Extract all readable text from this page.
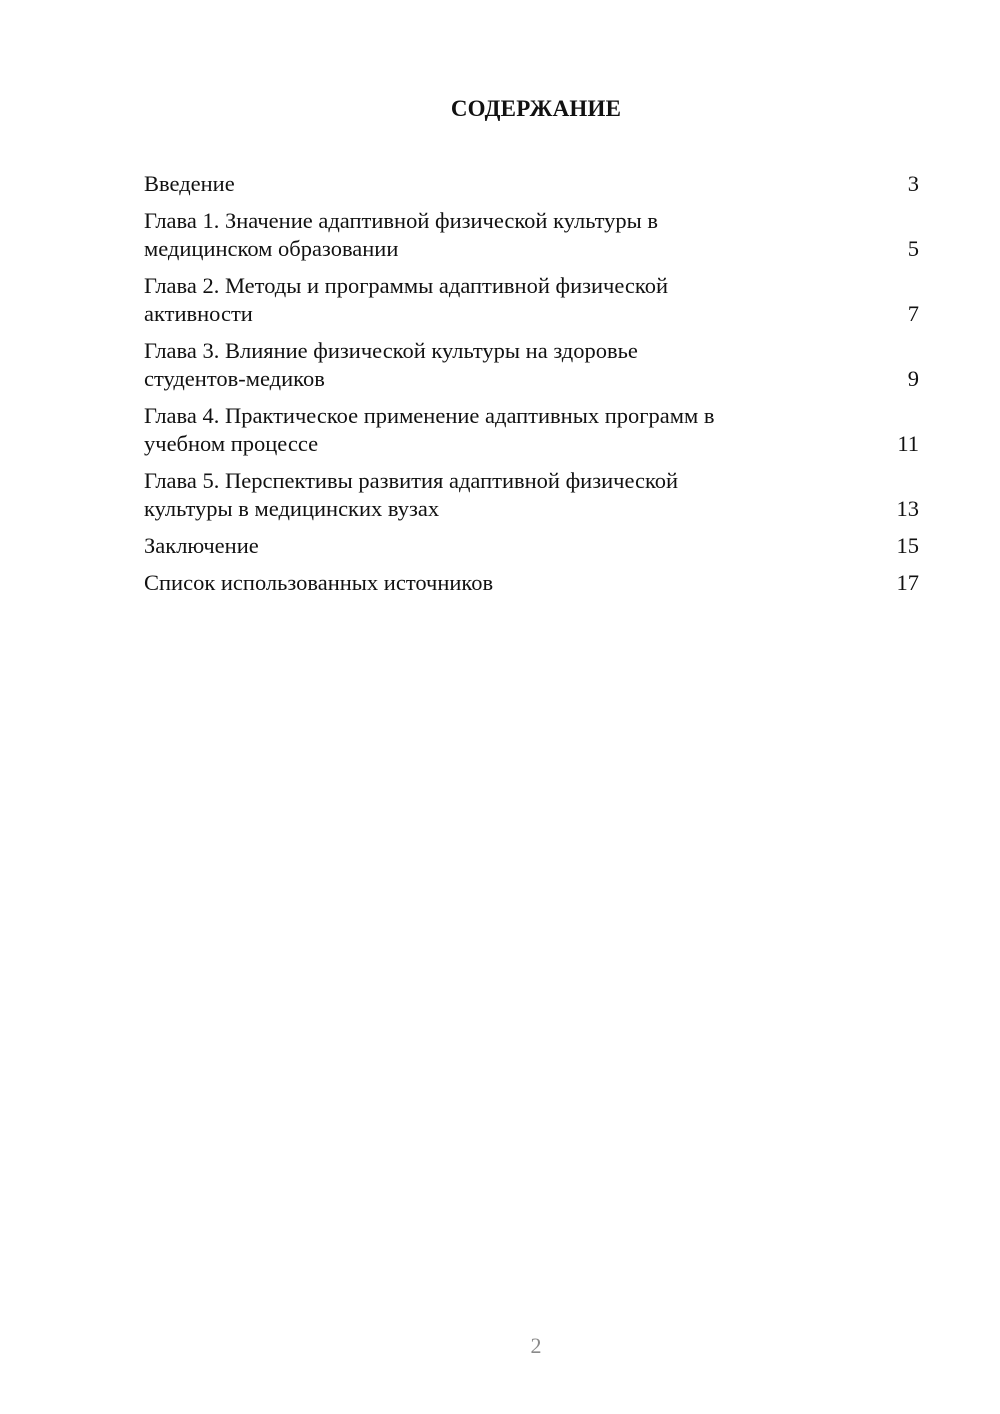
СОДЕРЖАНИЕ
Введение	3
Глава 1. Значение адаптивной физической культуры в
медицинском образовании	5
Глава 2. Методы и программы адаптивной физической
активности	7
Глава 3. Влияние физической культуры на здоровье
студентов-медиков	9
Глава 4. Практическое применение адаптивных программ в
учебном процессе	11
Глава 5. Перспективы развития адаптивной физической
культуры в медицинских вузах	13
Заключение	15
Список использованных источников	17
2
